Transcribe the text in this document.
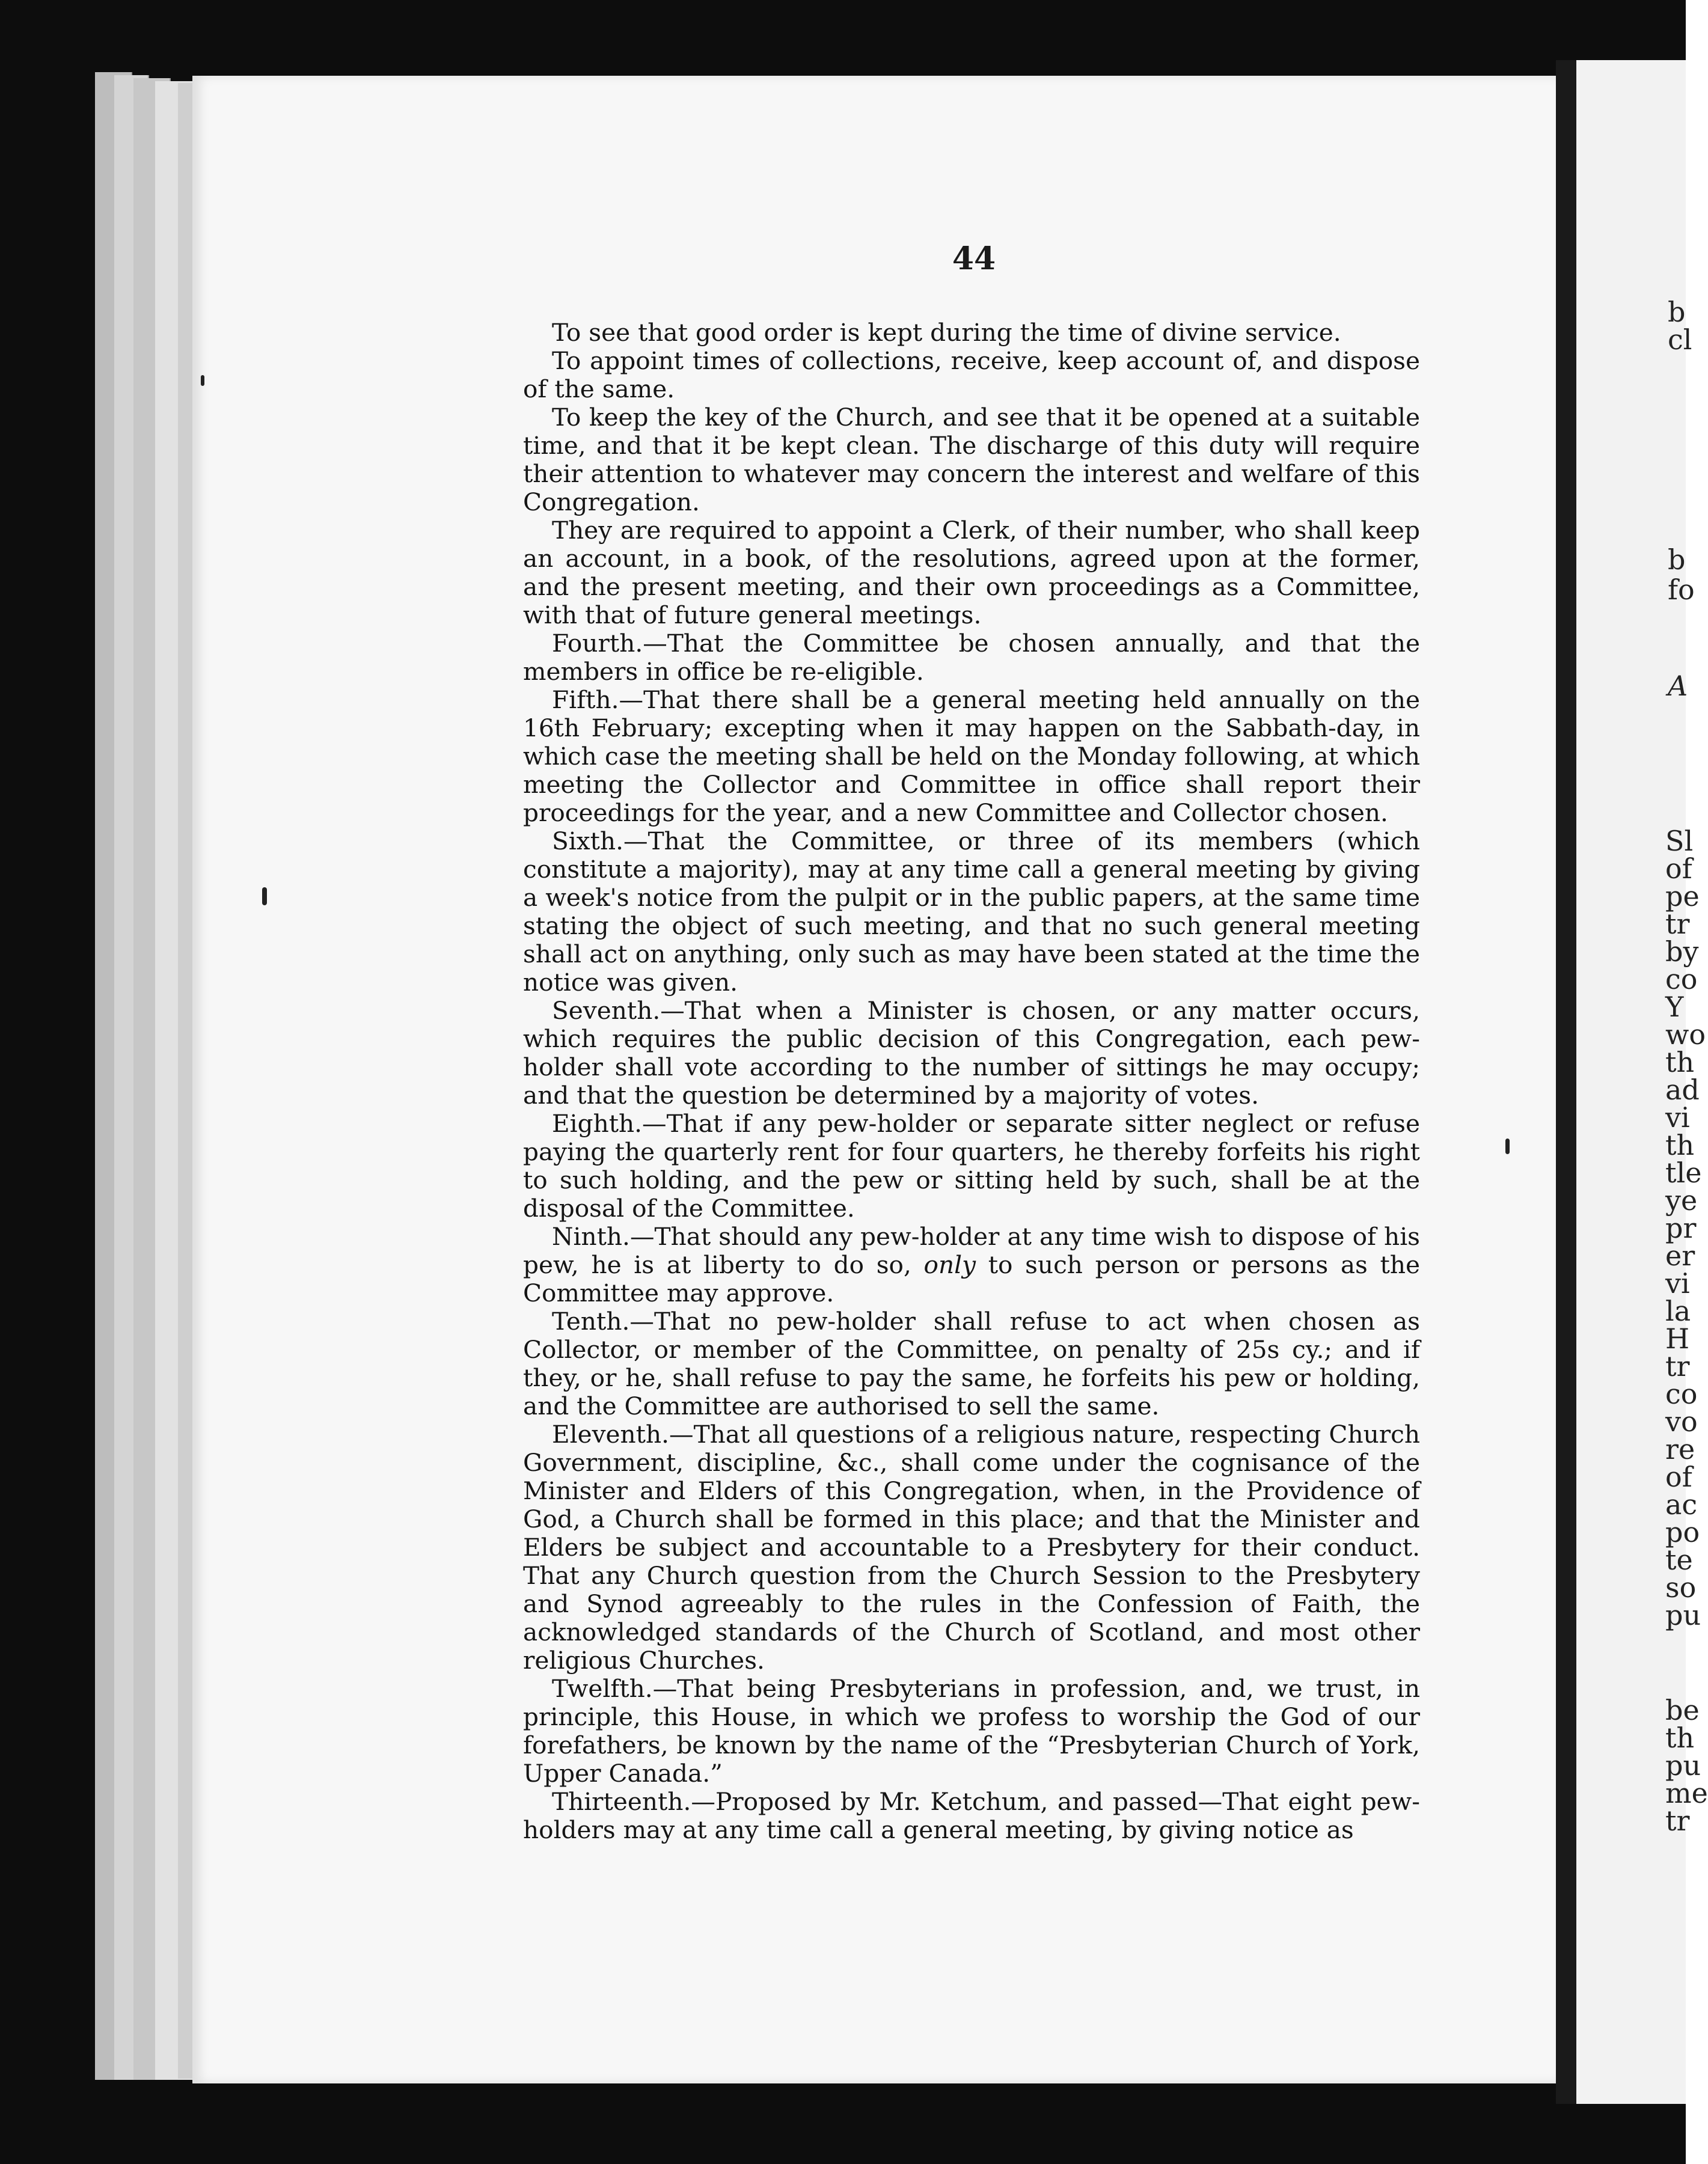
b

cl

b

fo

A

Sl

of

pe

tr

by

co

Y

wo

th

ad

vi

th

tle

ye

pr

er

vi

la

H

tr

co

vo

re

of

ac

po

te

so

pu

be

th

pu

me

tr

44

To see that good order is kept during the time of divine service.

To appoint times of collections, receive, keep account of, and dispose of the same.

To keep the key of the Church, and see that it be opened at a suitable time, and that it be kept clean. The discharge of this duty will require their attention to whatever may concern the interest and welfare of this Congregation.

They are required to appoint a Clerk, of their number, who shall keep an account, in a book, of the resolutions, agreed upon at the former, and the present meeting, and their own proceedings as a Committee, with that of future general meetings.

Fourth.—That the Committee be chosen annually, and that the members in office be re-eligible.

Fifth.—That there shall be a general meeting held annually on the 16th February; excepting when it may happen on the Sabbath-day, in which case the meeting shall be held on the Monday following, at which meeting the Collector and Committee in office shall report their proceedings for the year, and a new Committee and Collector chosen.

Sixth.—That the Committee, or three of its members (which constitute a majority), may at any time call a general meeting by giving a week's notice from the pulpit or in the public papers, at the same time stating the object of such meeting, and that no such general meeting shall act on anything, only such as may have been stated at the time the notice was given.

Seventh.—That when a Minister is chosen, or any matter occurs, which requires the public decision of this Congregation, each pew-holder shall vote according to the number of sittings he may occupy; and that the question be determined by a majority of votes.

Eighth.—That if any pew-holder or separate sitter neglect or refuse paying the quarterly rent for four quarters, he thereby forfeits his right to such holding, and the pew or sitting held by such, shall be at the disposal of the Committee.

Ninth.—That should any pew-holder at any time wish to dispose of his pew, he is at liberty to do so, only to such person or persons as the Committee may approve.

Tenth.—That no pew-holder shall refuse to act when chosen as Collector, or member of the Committee, on penalty of 25s cy.; and if they, or he, shall refuse to pay the same, he forfeits his pew or holding, and the Committee are authorised to sell the same.

Eleventh.—That all questions of a religious nature, respecting Church Government, discipline, &c., shall come under the cognisance of the Minister and Elders of this Congregation, when, in the Providence of God, a Church shall be formed in this place; and that the Minister and Elders be subject and accountable to a Presbytery for their conduct. That any Church question from the Church Session to the Presbytery and Synod agreeably to the rules in the Confession of Faith, the acknowledged standards of the Church of Scotland, and most other religious Churches.

Twelfth.—That being Presbyterians in profession, and, we trust, in principle, this House, in which we profess to worship the God of our forefathers, be known by the name of the “Presbyterian Church of York, Upper Canada.”

Thirteenth.—Proposed by Mr. Ketchum, and passed—That eight pew-holders may at any time call a general meeting, by giving notice as
